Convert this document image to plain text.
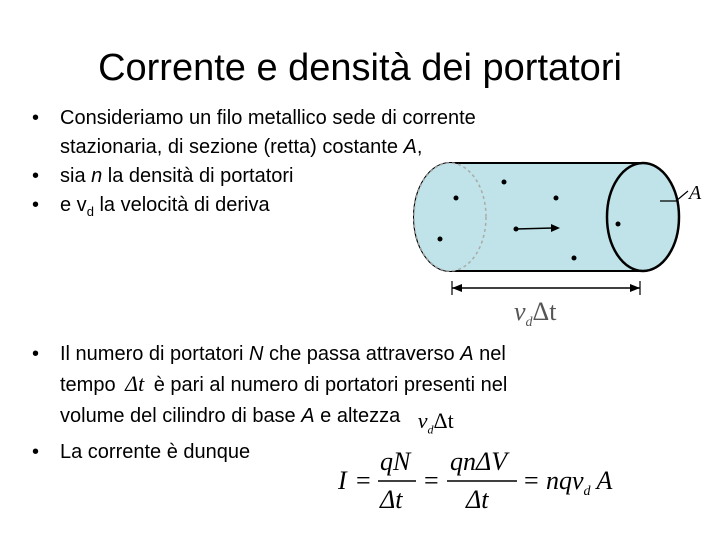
Corrente e densità dei portatori
• Consideriamo un filo metallico sede di corrente
stazionaria, di sezione (retta) costante A,
• sia n la densità di portatori
• e $v_d$ la velocità di deriva
A
$v_d\Delta t$
• Il numero di portatori N che passa attraverso A nel
tempo Δt è pari al numero di portatori presenti nel
volume del cilindro di base A e altezza $v_d\Delta t$
• La corrente è dunque
I =
qN
Δt
=
qnΔV
Δt
= nqv$_d$ A
